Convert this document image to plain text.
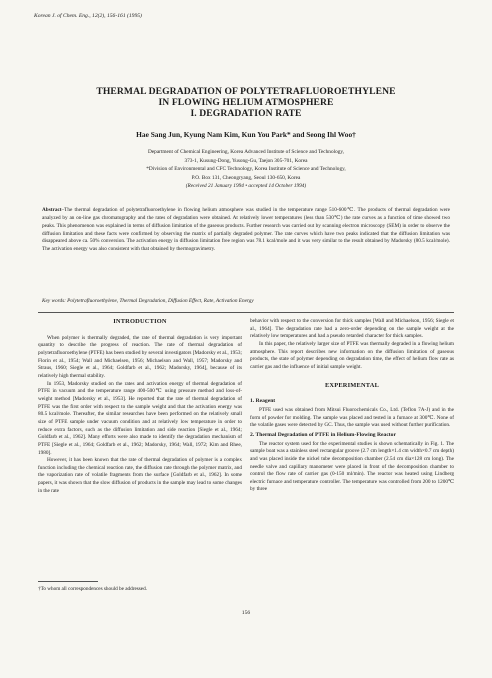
Korean J. of Chem. Eng., 12(2), 156-161 (1995)
THERMAL DEGRADATION OF POLYTETRAFLUOROETHYLENE
IN FLOWING HELIUM ATMOSPHERE
I. DEGRADATION RATE
Hae Sang Jun, Kyung Nam Kim, Kun You Park* and Seong Ihl Woo†
Department of Chemical Engineering, Korea Advanced Institute of Science and Technology,
373-1, Kusung-Dong, Yusong-Gu, Taejon 305-701, Korea
*Division of Environmental and CFC Technology, Korea Institute of Science and Technology,
P.O. Box 131, Cheongryang, Seoul 130-650, Korea
(Received 21 January 1994 • accepted 14 October 1994)
Abstract–The thermal degradation of polytetrafluoroethylene in flowing helium atmosphere was studied in the temperature range 510-600℃. The products of thermal degradation were analyzed by an on-line gas chromatography and the rates of degradation were obtained. At relatively lower temperatures (less than 530℃) the rate curves as a function of time showed two peaks. This phenomenon was explained in terms of diffusion limitation of the gaseous products. Further research was carried out by scanning electron microscopy (SEM) in order to observe the diffusion limitation and these facts were confirmed by observing the matrix of partially degraded polymer. The rate curves which have two peaks indicated that the diffusion limitation was disappeared above ca. 50% conversion. The activation energy in diffusion limitation free region was 78.1 kcal/mole and it was very similar to the result obtained by Madorsky (80.5 kcal/mole). The activation energy was also consistent with that obtained by thermogravimetry.
Key words: Polytetrafluoroethylene, Thermal Degradation, Diffusion Effect, Rate, Activation Energy
INTRODUCTION

When polymer is thermally degraded, the rate of thermal degradation is very important quantity to describe the progress of reaction. The rate of thermal degradation of polytetrafluoroethylene (PTFE) has been studied by several investigators [Madorsky et al., 1953; Florin et al., 1954; Wall and Michaelsen, 1956; Michaelson and Wall, 1957; Madorsky and Straus, 1960; Siegle et al., 1964; Goldfarb et al., 1962; Madorsky, 1964], because of its relatively high thermal stability.

In 1953, Madorsky studied on the rates and activation energy of thermal degradation of PTFE in vacuum and the temperature range 400-500℃ using pressure method and loss-of-weight method [Madorsky et al., 1953]. He reported that the rate of thermal degradation of PTFE was the first order with respect to the sample weight and that the activation energy was 80.5 kcal/mole. Thereafter, the similar researches have been performed on the relatively small size of PTFE sample under vacuum condition and at relatively low temperature in order to reduce extra factors, such as the diffusion limitation and side reaction [Siegle et al., 1964; Goldfarb et al., 1962]. Many efforts were also made to identify the degradation mechanism of PTFE [Siegle et al., 1964; Goldfarb et al., 1962; Madorsky, 1964; Wall, 1972; Kim and Rhee, 1980].

However, it has been known that the rate of thermal degradation of polymer is a complex function including the chemical reaction rate, the diffusion rate through the polymer matrix, and the vaporization rate of volatile fragments from the surface [Goldfarb et al., 1962]. In some papers, it was shown that the slow diffusion of products in the sample may lead to some changes in the rate

behavior with respect to the conversion for thick samples [Wall and Michaelson, 1956; Siegle et al., 1964]. The degradation rate had a zero-order depending on the sample weight at the relatively low temperatures and had a pseudo retarded character for thick samples.

In this paper, the relatively larger size of PTFE was thermally degraded in a flowing helium atmosphere. This report describes new information on the diffusion limitation of gaseous products, the state of polymer depending on degradation time, the effect of helium flow rate as carrier gas and the influence of initial sample weight.

EXPERIMENTAL
1. Reagent

PTFE used was obtained from Mitsui Fluorochemicals Co., Ltd. (Teflon 7A-J) and in the form of powder for molding. The sample was placed and tested in a furnace at 300℃. None of the volatile gases were detected by GC. Thus, the sample was used without further purification.

2. Thermal Degradation of PTFE in Helium-Flowing Reactor

The reactor system used for the experimental studies is shown schematically in Fig. 1. The sample boat was a stainless steel rectangular groove (2.7 cm length×1.4 cm width×0.7 cm depth) and was placed inside the nickel tube decomposition chamber (2.54 cm dia×128 cm long). The needle valve and capillary manometer were placed in front of the decomposition chamber to control the flow rate of carrier gas (0-150 ml/min). The reactor was heated using Lindberg electric furnace and temperature controller. The temperature was controlled from 200 to 1200℃ by three

†To whom all correspondences should be addressed.
156
